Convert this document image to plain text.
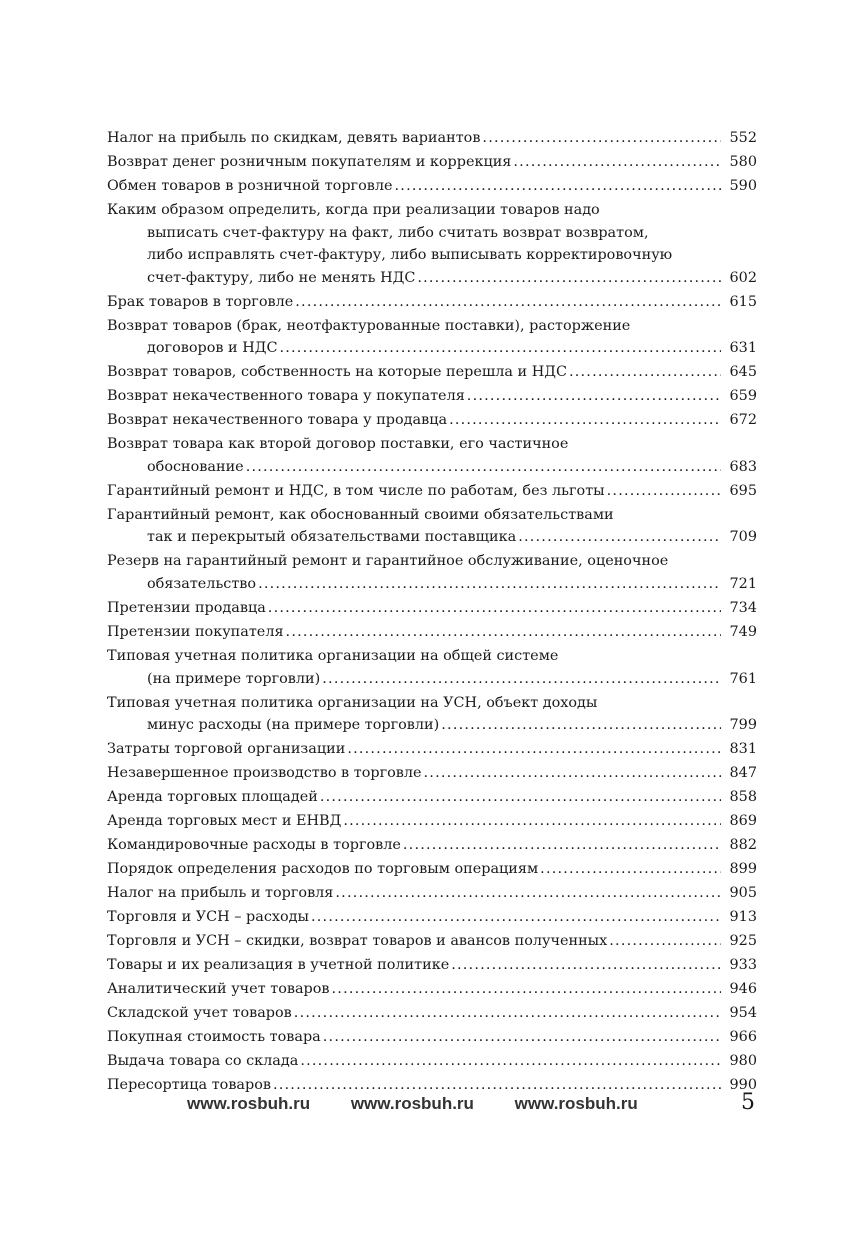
Налог на прибыль по скидкам, девять вариантов .....	552
Возврат денег розничным покупателям и коррекция .....	580
Обмен товаров в розничной торговле .....	590
Каким образом определить, когда при реализации товаров надо
выписать счет-фактуру на факт, либо считать возврат возвратом,
либо исправлять счет-фактуру, либо выписывать корректировочную
счет-фактуру, либо не менять НДС .....	602
Брак товаров в торговле .....	615
Возврат товаров (брак, неотфактурованные поставки), расторжение
договоров и НДС .....	631
Возврат товаров, собственность на которые перешла и НДС .....	645
Возврат некачественного товара у покупателя .....	659
Возврат некачественного товара у продавца .....	672
Возврат товара как второй договор поставки, его частичное
обоснование .....	683
Гарантийный ремонт и НДС, в том числе по работам, без льготы .....	695
Гарантийный ремонт, как обоснованный своими обязательствами
так и перекрытый обязательствами поставщика .....	709
Резерв на гарантийный ремонт и гарантийное обслуживание, оценочное
обязательство .....	721
Претензии продавца .....	734
Претензии покупателя .....	749
Типовая учетная политика организации на общей системе
(на примере торговли) .....	761
Типовая учетная политика организации на УСН, объект доходы
минус расходы (на примере торговли) .....	799
Затраты торговой организации .....	831
Незавершенное производство в торговле .....	847
Аренда торговых площадей .....	858
Аренда торговых мест и ЕНВД .....	869
Командировочные расходы в торговле .....	882
Порядок определения расходов по торговым операциям .....	899
Налог на прибыль и торговля .....	905
Торговля и УСН – расходы .....	913
Торговля и УСН – скидки, возврат товаров и авансов полученных .....	925
Товары и их реализация в учетной политике .....	933
Аналитический учет товаров .....	946
Складской учет товаров .....	954
Покупная стоимость товара .....	966
Выдача товара со склада .....	980
Пересортица товаров .....	990
www.rosbuh.ru www.rosbuh.ru www.rosbuh.ru	5
